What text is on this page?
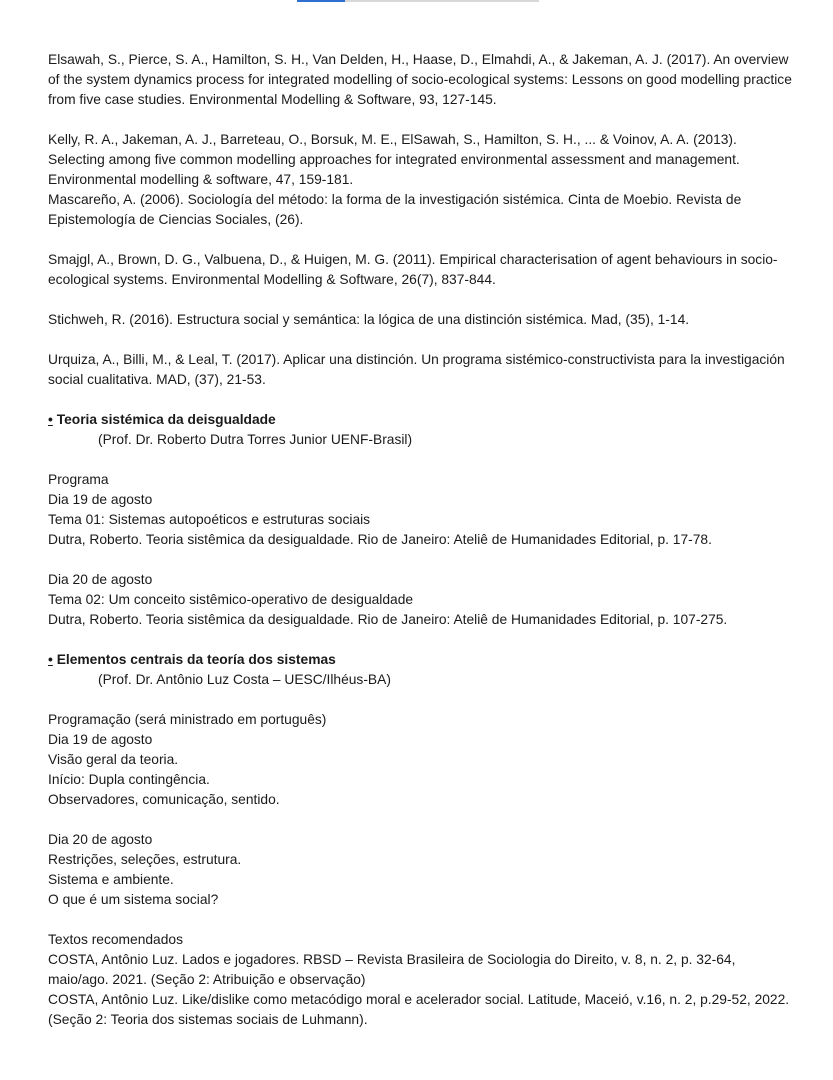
Elsawah, S., Pierce, S. A., Hamilton, S. H., Van Delden, H., Haase, D., Elmahdi, A., & Jakeman, A. J. (2017). An overview of the system dynamics process for integrated modelling of socio-ecological systems: Lessons on good modelling practice from five case studies. Environmental Modelling & Software, 93, 127-145.

Kelly, R. A., Jakeman, A. J., Barreteau, O., Borsuk, M. E., ElSawah, S., Hamilton, S. H., ... & Voinov, A. A. (2013). Selecting among five common modelling approaches for integrated environmental assessment and management. Environmental modelling & software, 47, 159-181.

Mascareño, A. (2006). Sociología del método: la forma de la investigación sistémica. Cinta de Moebio. Revista de Epistemología de Ciencias Sociales, (26).

Smajgl, A., Brown, D. G., Valbuena, D., & Huigen, M. G. (2011). Empirical characterisation of agent behaviours in socio-ecological systems. Environmental Modelling & Software, 26(7), 837-844.

Stichweh, R. (2016). Estructura social y semántica: la lógica de una distinción sistémica. Mad, (35), 1-14.

Urquiza, A., Billi, M., & Leal, T. (2017). Aplicar una distinción. Un programa sistémico-constructivista para la investigación social cualitativa. MAD, (37), 21-53.

• Teoria sistémica da deisgualdade

(Prof. Dr. Roberto Dutra Torres Junior UENF-Brasil)

Programa

Dia 19 de agosto

Tema 01: Sistemas autopoéticos e estruturas sociais

Dutra, Roberto. Teoria sistêmica da desigualdade. Rio de Janeiro: Ateliê de Humanidades Editorial, p. 17-78.

Dia 20 de agosto

Tema 02: Um conceito sistêmico-operativo de desigualdade

Dutra, Roberto. Teoria sistêmica da desigualdade. Rio de Janeiro: Ateliê de Humanidades Editorial, p. 107-275.

• Elementos centrais da teoría dos sistemas

(Prof. Dr. Antônio Luz Costa – UESC/Ilhéus-BA)

Programação (será ministrado em português)

Dia 19 de agosto

Visão geral da teoria.

Início: Dupla contingência.

Observadores, comunicação, sentido.

Dia 20 de agosto

Restrições, seleções, estrutura.

Sistema e ambiente.

O que é um sistema social?

Textos recomendados

COSTA, Antônio Luz. Lados e jogadores. RBSD – Revista Brasileira de Sociologia do Direito, v. 8, n. 2, p. 32-64, maio/ago. 2021. (Seção 2: Atribuição e observação)

COSTA, Antônio Luz. Like/dislike como metacódigo moral e acelerador social. Latitude, Maceió, v.16, n. 2, p.29-52, 2022. (Seção 2: Teoria dos sistemas sociais de Luhmann).
